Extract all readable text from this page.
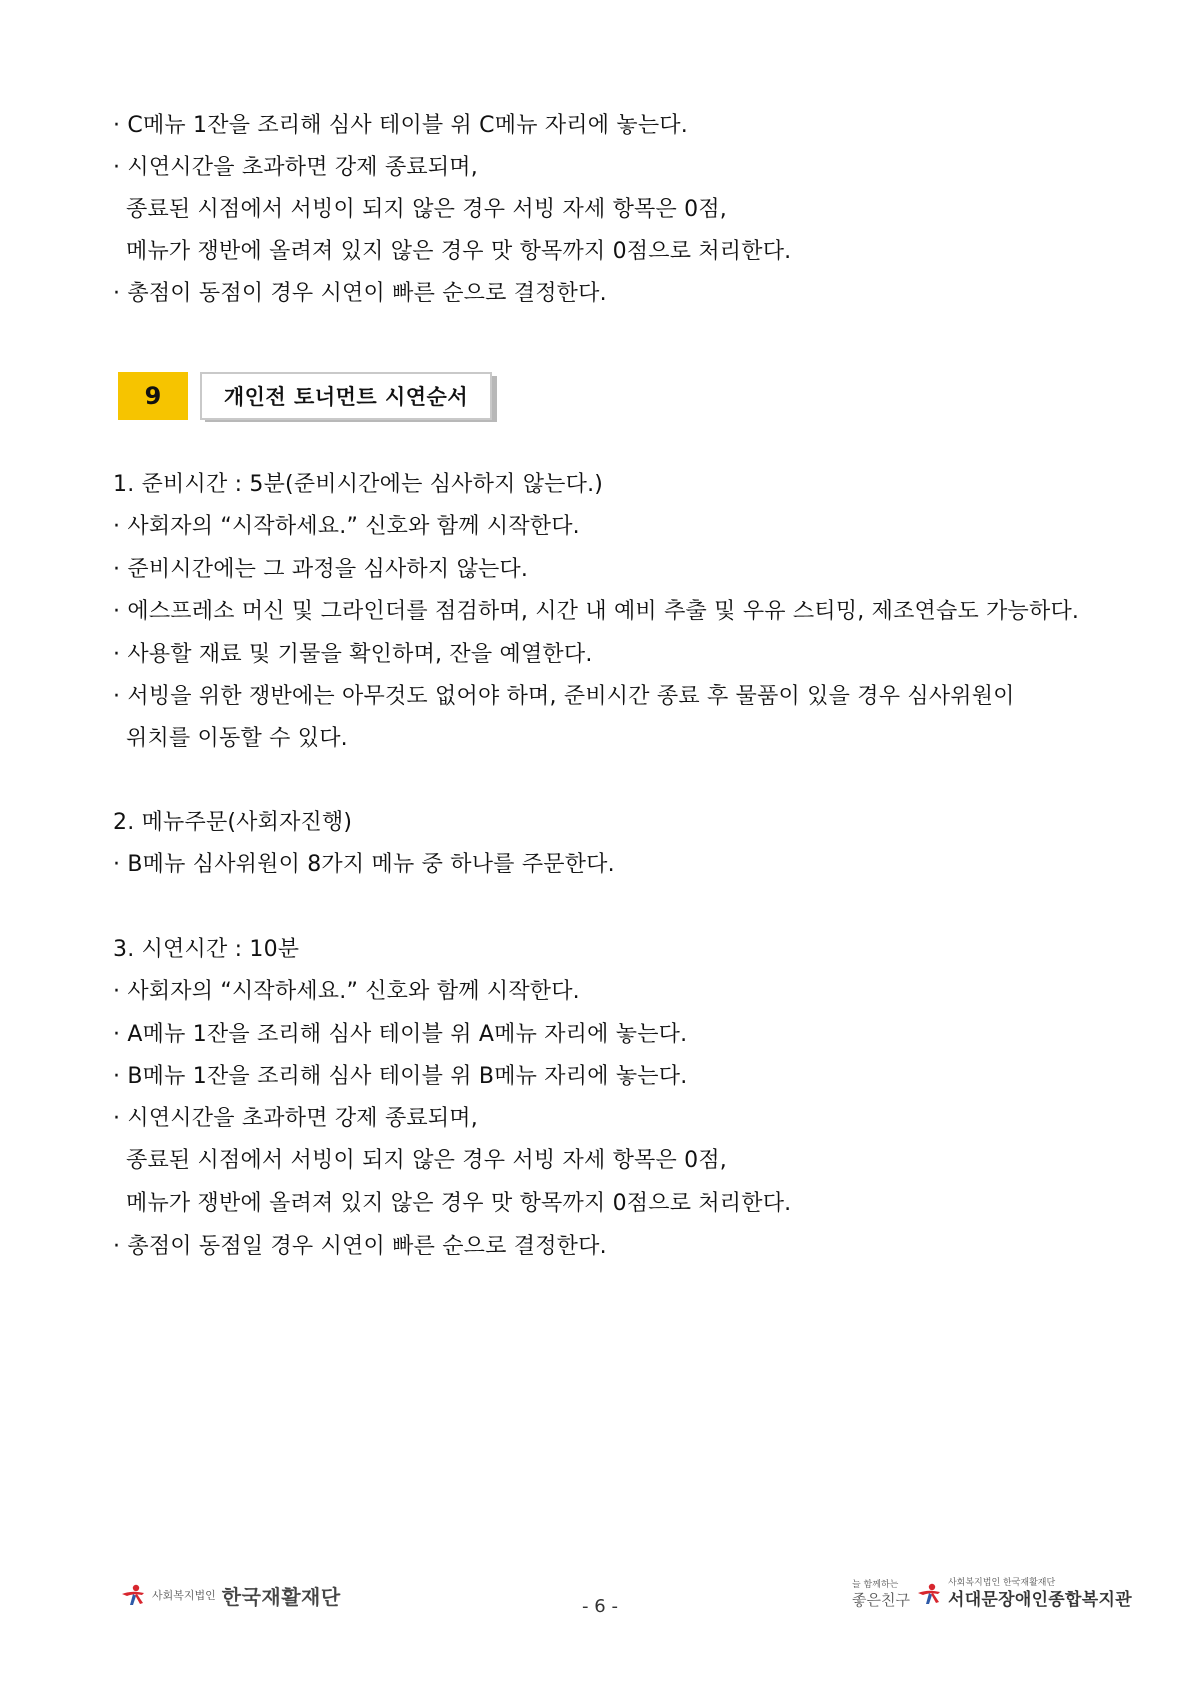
· C메뉴 1잔을 조리해 심사 테이블 위 C메뉴 자리에 놓는다.
· 시연시간을 초과하면 강제 종료되며,
종료된 시점에서 서빙이 되지 않은 경우 서빙 자세 항목은 0점,
메뉴가 쟁반에 올려져 있지 않은 경우 맛 항목까지 0점으로 처리한다.
· 총점이 동점이 경우 시연이 빠른 순으로 결정한다.
9	개인전 토너먼트 시연순서
1. 준비시간 : 5분(준비시간에는 심사하지 않는다.)
· 사회자의 “시작하세요.” 신호와 함께 시작한다.
· 준비시간에는 그 과정을 심사하지 않는다.
· 에스프레소 머신 및 그라인더를 점검하며, 시간 내 예비 추출 및 우유 스티밍, 제조연습도 가능하다.
· 사용할 재료 및 기물을 확인하며, 잔을 예열한다.
· 서빙을 위한 쟁반에는 아무것도 없어야 하며, 준비시간 종료 후 물품이 있을 경우 심사위원이
위치를 이동할 수 있다.
2. 메뉴주문(사회자진행)
· B메뉴 심사위원이 8가지 메뉴 중 하나를 주문한다.
3. 시연시간 : 10분
· 사회자의 “시작하세요.” 신호와 함께 시작한다.
· A메뉴 1잔을 조리해 심사 테이블 위 A메뉴 자리에 놓는다.
· B메뉴 1잔을 조리해 심사 테이블 위 B메뉴 자리에 놓는다.
· 시연시간을 초과하면 강제 종료되며,
종료된 시점에서 서빙이 되지 않은 경우 서빙 자세 항목은 0점,
메뉴가 쟁반에 올려져 있지 않은 경우 맛 항목까지 0점으로 처리한다.
· 총점이 동점일 경우 시연이 빠른 순으로 결정한다.
사회복지법인 한국재활재단	- 6 -
늘 함께하는
좋은친구
사회복지법인 한국재활재단
서대문장애인종합복지관
